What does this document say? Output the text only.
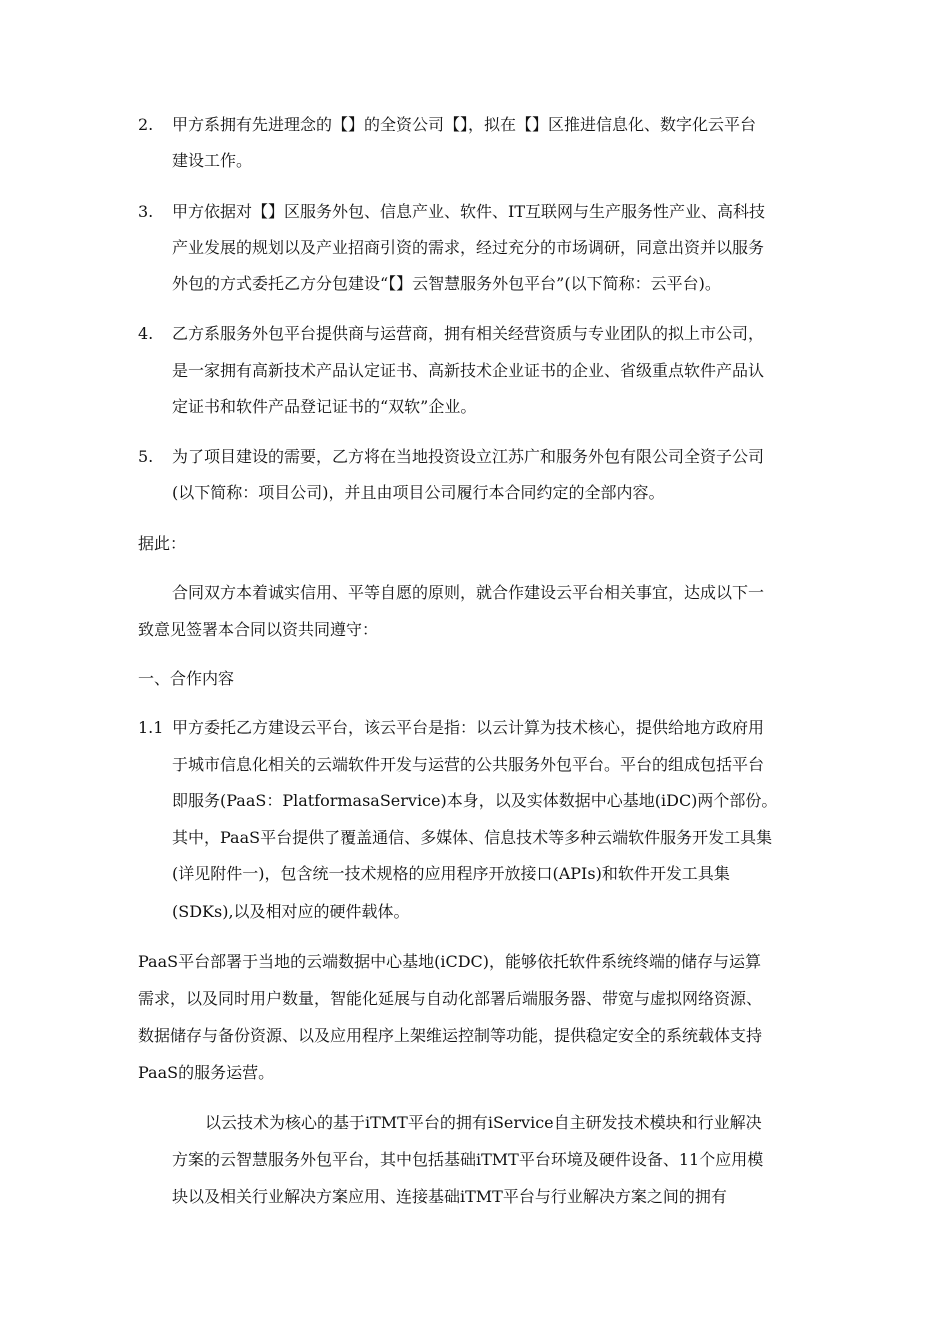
2. 甲方系拥有先进理念的【】的全资公司【】，拟在【】区推进信息化、数字化云平台
建设工作。
3. 甲方依据对【】区服务外包、信息产业、软件、IT互联网与生产服务性产业、高科技
产业发展的规划以及产业招商引资的需求，经过充分的市场调研，同意出资并以服务
外包的方式委托乙方分包建设“【】云智慧服务外包平台”(以下简称：云平台)。
4. 乙方系服务外包平台提供商与运营商，拥有相关经营资质与专业团队的拟上市公司，
是一家拥有高新技术产品认定证书、高新技术企业证书的企业、省级重点软件产品认
定证书和软件产品登记证书的“双软”企业。
5. 为了项目建设的需要，乙方将在当地投资设立江苏广和服务外包有限公司全资子公司
(以下简称：项目公司)，并且由项目公司履行本合同约定的全部内容。
据此：
合同双方本着诚实信用、平等自愿的原则，就合作建设云平台相关事宜，达成以下一
致意见签署本合同以资共同遵守：
一、合作内容
1.1 甲方委托乙方建设云平台，该云平台是指：以云计算为技术核心，提供给地方政府用
于城市信息化相关的云端软件开发与运营的公共服务外包平台。平台的组成包括平台
即服务(PaaS：PlatformasaService)本身，以及实体数据中心基地(iDC)两个部份。
其中，PaaS平台提供了覆盖通信、多媒体、信息技术等多种云端软件服务开发工具集
(详见附件一)，包含统一技术规格的应用程序开放接口(APIs)和软件开发工具集
(SDKs),以及相对应的硬件载体。
PaaS平台部署于当地的云端数据中心基地(iCDC)，能够依托软件系统终端的储存与运算
需求，以及同时用户数量，智能化延展与自动化部署后端服务器、带宽与虚拟网络资源、
数据储存与备份资源、以及应用程序上架维运控制等功能，提供稳定安全的系统载体支持
PaaS的服务运营。
以云技术为核心的基于iTMT平台的拥有iService自主研发技术模块和行业解决
方案的云智慧服务外包平台，其中包括基础iTMT平台环境及硬件设备、11个应用模
块以及相关行业解决方案应用、连接基础iTMT平台与行业解决方案之间的拥有
